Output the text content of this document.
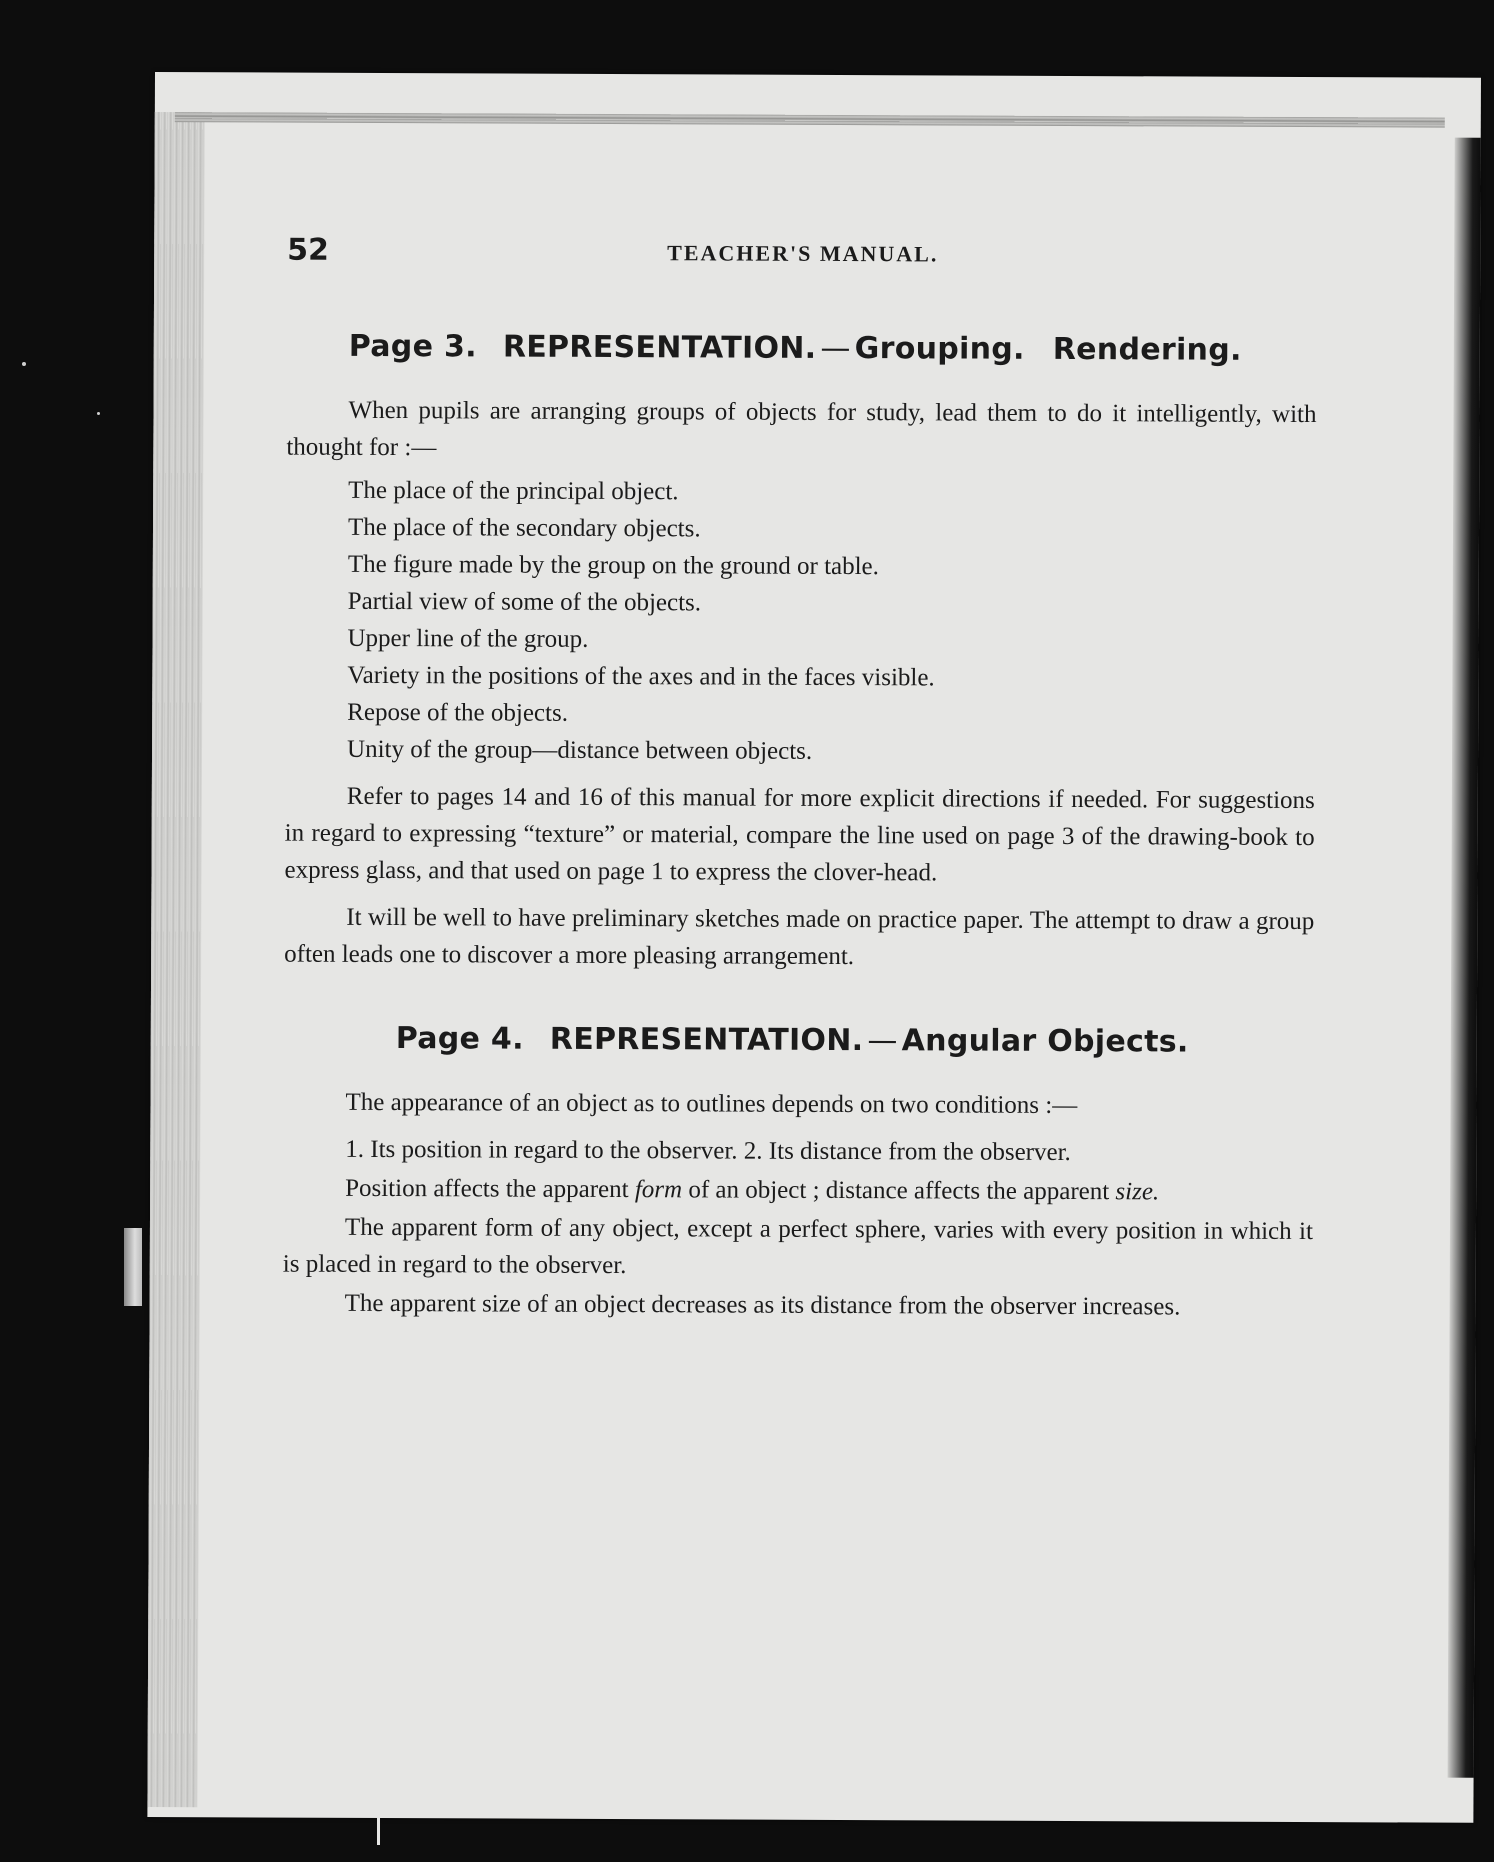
52	TEACHER'S MANUAL.
Page 3. REPRESENTATION. — Grouping. Rendering.

When pupils are arranging groups of objects for study, lead them to do it intelligently, with thought for :—

The place of the principal object.
The place of the secondary objects.
The figure made by the group on the ground or table.
Partial view of some of the objects.
Upper line of the group.
Variety in the positions of the axes and in the faces visible.
Repose of the objects.
Unity of the group—distance between objects.

Refer to pages 14 and 16 of this manual for more explicit directions if needed. For suggestions in regard to expressing “texture” or material, compare the line used on page 3 of the drawing-book to express glass, and that used on page 1 to express the clover-head.

It will be well to have preliminary sketches made on practice paper. The attempt to draw a group often leads one to discover a more pleasing arrangement.

Page 4. REPRESENTATION. — Angular Objects.

The appearance of an object as to outlines depends on two conditions :—

1. Its position in regard to the observer. 2. Its distance from the observer.

Position affects the apparent form of an object ; distance affects the apparent size.

The apparent form of any object, except a perfect sphere, varies with every position in which it is placed in regard to the observer.

The apparent size of an object decreases as its distance from the observer increases.
